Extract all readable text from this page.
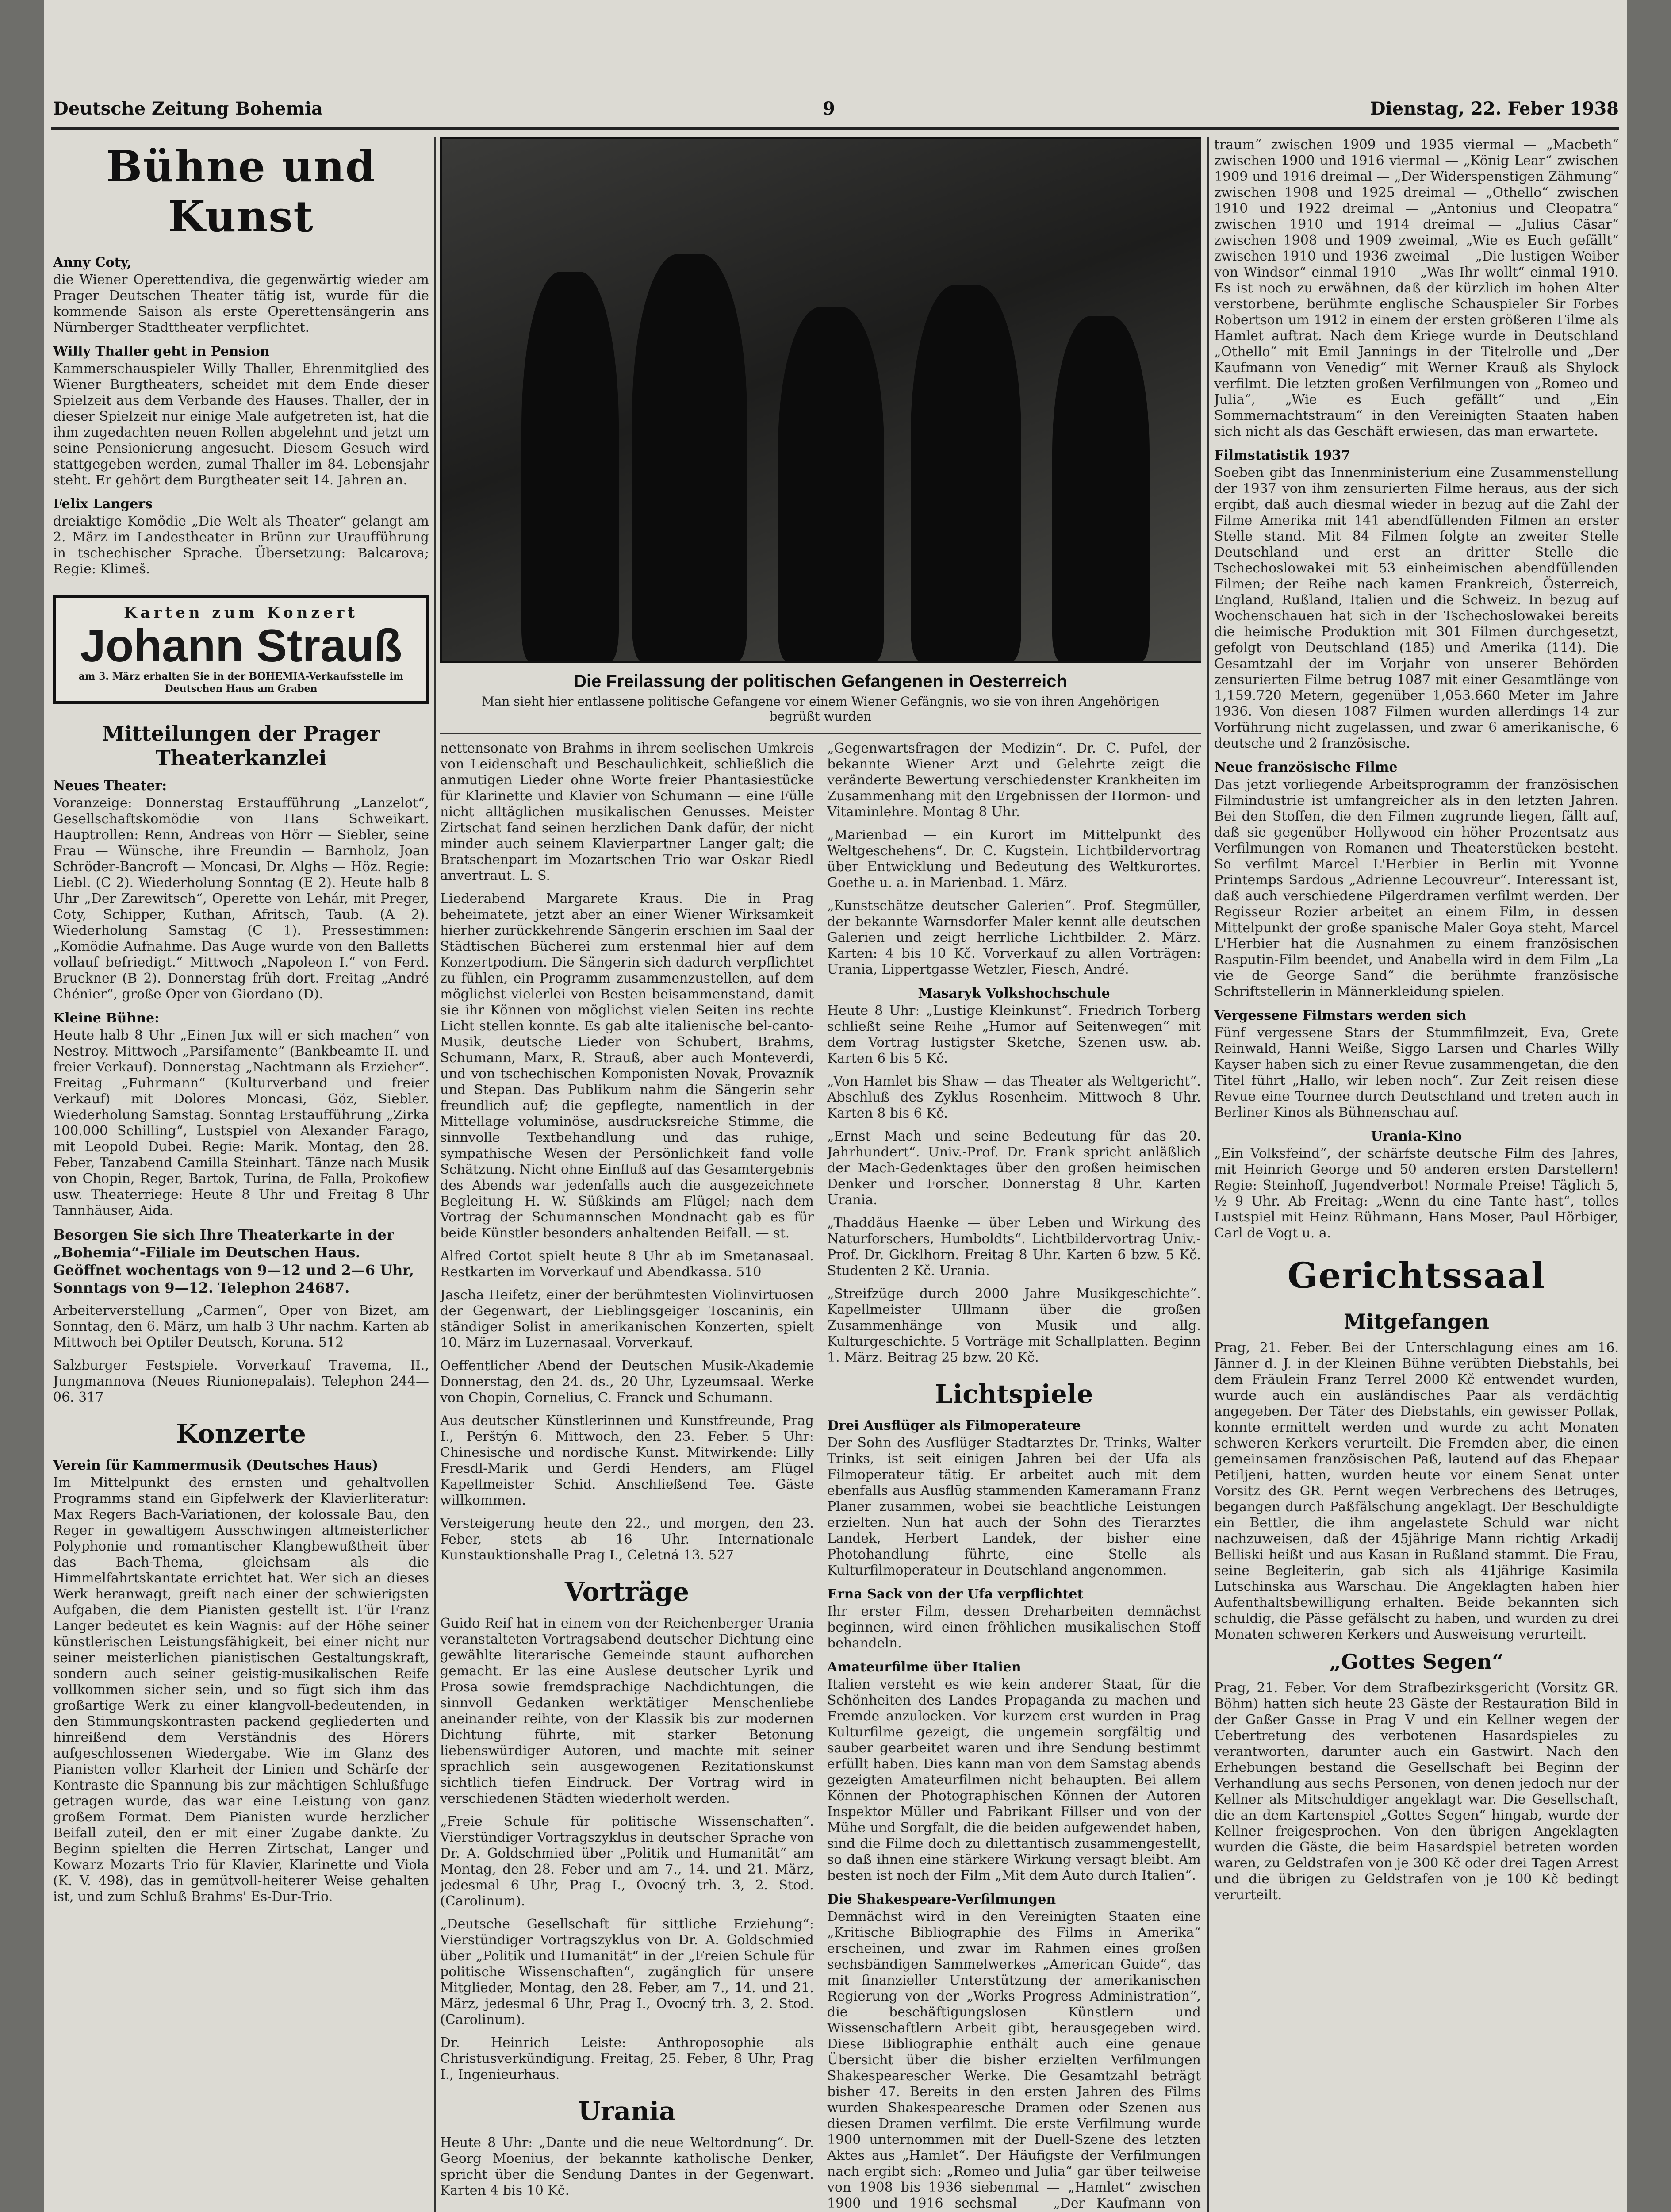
Deutsche Zeitung Bohemia	9	Dienstag, 22. Feber 1938
Bühne und Kunst
Anny Coty,

die Wiener Operettendiva, die gegenwärtig wieder am Prager Deutschen Theater tätig ist, wurde für die kommende Saison als erste Operettensängerin ans Nürnberger Stadttheater verpflichtet.

Willy Thaller geht in Pension

Kammerschauspieler Willy Thaller, Ehrenmitglied des Wiener Burgtheaters, scheidet mit dem Ende dieser Spielzeit aus dem Verbande des Hauses. Thaller, der in dieser Spielzeit nur einige Male aufgetreten ist, hat die ihm zugedachten neuen Rollen abgelehnt und jetzt um seine Pensionierung angesucht. Diesem Gesuch wird stattgegeben werden, zumal Thaller im 84. Lebensjahr steht. Er gehört dem Burgtheater seit 14. Jahren an.

Felix Langers

dreiaktige Komödie „Die Welt als Theater“ gelangt am 2. März im Landestheater in Brünn zur Uraufführung in tschechischer Sprache. Übersetzung: Balcarova; Regie: Klimeš.

Karten zum Konzert
Johann Strauß
am 3. März erhalten Sie in der BOHEMIA-Verkaufsstelle im Deutschen Haus am Graben
Mitteilungen der Prager Theaterkanzlei
Neues Theater:

Voranzeige: Donnerstag Erstaufführung „Lanzelot“, Gesellschaftskomödie von Hans Schweikart. Hauptrollen: Renn, Andreas von Hörr — Siebler, seine Frau — Wünsche, ihre Freundin — Barnholz, Joan Schröder-Bancroft — Moncasi, Dr. Alghs — Höz. Regie: Liebl. (C 2). Wiederholung Sonntag (E 2). Heute halb 8 Uhr „Der Zarewitsch“, Operette von Lehár, mit Preger, Coty, Schipper, Kuthan, Afritsch, Taub. (A 2). Wiederholung Samstag (C 1). Pressestimmen: „Komödie Aufnahme. Das Auge wurde von den Balletts vollauf befriedigt.“ Mittwoch „Napoleon I.“ von Ferd. Bruckner (B 2). Donnerstag früh dort. Freitag „André Chénier“, große Oper von Giordano (D).

Kleine Bühne:

Heute halb 8 Uhr „Einen Jux will er sich machen“ von Nestroy. Mittwoch „Parsifamente“ (Bankbeamte II. und freier Verkauf). Donnerstag „Nachtmann als Erzieher“. Freitag „Fuhrmann“ (Kulturverband und freier Verkauf) mit Dolores Moncasi, Göz, Siebler. Wiederholung Samstag. Sonntag Erstaufführung „Zirka 100.000 Schilling“, Lustspiel von Alexander Farago, mit Leopold Dubei. Regie: Marik. Montag, den 28. Feber, Tanzabend Camilla Steinhart. Tänze nach Musik von Chopin, Reger, Bartok, Turina, de Falla, Prokofiew usw. Theaterriege: Heute 8 Uhr und Freitag 8 Uhr Tannhäuser, Aida.

Besorgen Sie sich Ihre Theaterkarte in der „Bohemia“-Filiale im Deutschen Haus. Geöffnet wochentags von 9—12 und 2—6 Uhr, Sonntags von 9—12. Telephon 24687.

Arbeiterverstellung „Carmen“, Oper von Bizet, am Sonntag, den 6. März, um halb 3 Uhr nachm. Karten ab Mittwoch bei Optiler Deutsch, Koruna. 512

Salzburger Festspiele. Vorverkauf Travema, II., Jungmannova (Neues Riunionepalais). Telephon 244—06. 317

Konzerte
Verein für Kammermusik (Deutsches Haus)

Im Mittelpunkt des ernsten und gehaltvollen Programms stand ein Gipfelwerk der Klavierliteratur: Max Regers Bach-Variationen, der kolossale Bau, den Reger in gewaltigem Ausschwingen altmeisterlicher Polyphonie und romantischer Klangbewußtheit über das Bach-Thema, gleichsam als die Himmelfahrtskantate errichtet hat. Wer sich an dieses Werk heranwagt, greift nach einer der schwierigsten Aufgaben, die dem Pianisten gestellt ist. Für Franz Langer bedeutet es kein Wagnis: auf der Höhe seiner künstlerischen Leistungsfähigkeit, bei einer nicht nur seiner meisterlichen pianistischen Gestaltungskraft, sondern auch seiner geistig-musikalischen Reife vollkommen sicher sein, und so fügt sich ihm das großartige Werk zu einer klangvoll-bedeutenden, in den Stimmungskontrasten packend gegliederten und hinreißend dem Verständnis des Hörers aufgeschlossenen Wiedergabe. Wie im Glanz des Pianisten voller Klarheit der Linien und Schärfe der Kontraste die Spannung bis zur mächtigen Schlußfuge getragen wurde, das war eine Leistung von ganz großem Format. Dem Pianisten wurde herzlicher Beifall zuteil, den er mit einer Zugabe dankte. Zu Beginn spielten die Herren Zirtschat, Langer und Kowarz Mozarts Trio für Klavier, Klarinette und Viola (K. V. 498), das in gemütvoll-heiterer Weise gehalten ist, und zum Schluß Brahms' Es-Dur-Trio.

Die Freilassung der politischen Gefangenen in Oesterreich
Man sieht hier entlassene politische Gefangene vor einem Wiener Gefängnis, wo sie von ihren Angehörigen begrüßt wurden

nettensonate von Brahms in ihrem seelischen Umkreis von Leidenschaft und Beschaulichkeit, schließlich die anmutigen Lieder ohne Worte freier Phantasiestücke für Klarinette und Klavier von Schumann — eine Fülle nicht alltäglichen musikalischen Genusses. Meister Zirtschat fand seinen herzlichen Dank dafür, der nicht minder auch seinem Klavierpartner Langer galt; die Bratschenpart im Mozartschen Trio war Oskar Riedl anvertraut. L. S.

Liederabend Margarete Kraus. Die in Prag beheimatete, jetzt aber an einer Wiener Wirksamkeit hierher zurückkehrende Sängerin erschien im Saal der Städtischen Bücherei zum erstenmal hier auf dem Konzertpodium. Die Sängerin sich dadurch verpflichtet zu fühlen, ein Programm zusammenzustellen, auf dem möglichst vielerlei von Besten beisammenstand, damit sie ihr Können von möglichst vielen Seiten ins rechte Licht stellen konnte. Es gab alte italienische bel-canto-Musik, deutsche Lieder von Schubert, Brahms, Schumann, Marx, R. Strauß, aber auch Monteverdi, und von tschechischen Komponisten Novak, Provazník und Stepan. Das Publikum nahm die Sängerin sehr freundlich auf; die gepflegte, namentlich in der Mittellage voluminöse, ausdrucksreiche Stimme, die sinnvolle Textbehandlung und das ruhige, sympathische Wesen der Persönlichkeit fand volle Schätzung. Nicht ohne Einfluß auf das Gesamtergebnis des Abends war jedenfalls auch die ausgezeichnete Begleitung H. W. Süßkinds am Flügel; nach dem Vortrag der Schumannschen Mondnacht gab es für beide Künstler besonders anhaltenden Beifall. — st.

Alfred Cortot spielt heute 8 Uhr ab im Smetanasaal. Restkarten im Vorverkauf und Abendkassa. 510

Jascha Heifetz, einer der berühmtesten Violinvirtuosen der Gegenwart, der Lieblingsgeiger Toscaninis, ein ständiger Solist in amerikanischen Konzerten, spielt 10. März im Luzernasaal. Vorverkauf.

Oeffentlicher Abend der Deutschen Musik-Akademie Donnerstag, den 24. ds., 20 Uhr, Lyzeumsaal. Werke von Chopin, Cornelius, C. Franck und Schumann.

Aus deutscher Künstlerinnen und Kunstfreunde, Prag I., Perštýn 6. Mittwoch, den 23. Feber. 5 Uhr: Chinesische und nordische Kunst. Mitwirkende: Lilly Fresdl-Marik und Gerdi Henders, am Flügel Kapellmeister Schid. Anschließend Tee. Gäste willkommen.

Versteigerung heute den 22., und morgen, den 23. Feber, stets ab 16 Uhr. Internationale Kunstauktionshalle Prag I., Celetná 13. 527

Vorträge

Guido Reif hat in einem von der Reichenberger Urania veranstalteten Vortragsabend deutscher Dichtung eine gewählte literarische Gemeinde staunt aufhorchen gemacht. Er las eine Auslese deutscher Lyrik und Prosa sowie fremdsprachige Nachdichtungen, die sinnvoll Gedanken werktätiger Menschenliebe aneinander reihte, von der Klassik bis zur modernen Dichtung führte, mit starker Betonung liebenswürdiger Autoren, und machte mit seiner sprachlich sein ausgewogenen Rezitationskunst sichtlich tiefen Eindruck. Der Vortrag wird in verschiedenen Städten wiederholt werden.

„Freie Schule für politische Wissenschaften“. Vierstündiger Vortragszyklus in deutscher Sprache von Dr. A. Goldschmied über „Politik und Humanität“ am Montag, den 28. Feber und am 7., 14. und 21. März, jedesmal 6 Uhr, Prag I., Ovocný trh. 3, 2. Stod. (Carolinum).

„Deutsche Gesellschaft für sittliche Erziehung“: Vierstündiger Vortragszyklus von Dr. A. Goldschmied über „Politik und Humanität“ in der „Freien Schule für politische Wissenschaften“, zugänglich für unsere Mitglieder, Montag, den 28. Feber, am 7., 14. und 21. März, jedesmal 6 Uhr, Prag I., Ovocný trh. 3, 2. Stod. (Carolinum).

Dr. Heinrich Leiste: Anthroposophie als Christusverkündigung. Freitag, 25. Feber, 8 Uhr, Prag I., Ingenieurhaus.

Urania

Heute 8 Uhr: „Dante und die neue Weltordnung“. Dr. Georg Moenius, der bekannte katholische Denker, spricht über die Sendung Dantes in der Gegenwart. Karten 4 bis 10 Kč.

„Gegenwartsfragen der Medizin“. Dr. C. Pufel, der bekannte Wiener Arzt und Gelehrte zeigt die veränderte Bewertung verschiedenster Krankheiten im Zusammenhang mit den Ergebnissen der Hormon- und Vitaminlehre. Montag 8 Uhr.

„Marienbad — ein Kurort im Mittelpunkt des Weltgeschehens“. Dr. C. Kugstein. Lichtbildervortrag über Entwicklung und Bedeutung des Weltkurortes. Goethe u. a. in Marienbad. 1. März.

„Kunstschätze deutscher Galerien“. Prof. Stegmüller, der bekannte Warnsdorfer Maler kennt alle deutschen Galerien und zeigt herrliche Lichtbilder. 2. März. Karten: 4 bis 10 Kč. Vorverkauf zu allen Vorträgen: Urania, Lippertgasse Wetzler, Fiesch, André.

Masaryk Volkshochschule

Heute 8 Uhr: „Lustige Kleinkunst“. Friedrich Torberg schließt seine Reihe „Humor auf Seitenwegen“ mit dem Vortrag lustigster Sketche, Szenen usw. ab. Karten 6 bis 5 Kč.

„Von Hamlet bis Shaw — das Theater als Weltgericht“. Abschluß des Zyklus Rosenheim. Mittwoch 8 Uhr. Karten 8 bis 6 Kč.

„Ernst Mach und seine Bedeutung für das 20. Jahrhundert“. Univ.-Prof. Dr. Frank spricht anläßlich der Mach-Gedenktages über den großen heimischen Denker und Forscher. Donnerstag 8 Uhr. Karten Urania.

„Thaddäus Haenke — über Leben und Wirkung des Naturforschers, Humboldts“. Lichtbildervortrag Univ.-Prof. Dr. Gicklhorn. Freitag 8 Uhr. Karten 6 bzw. 5 Kč. Studenten 2 Kč. Urania.

„Streifzüge durch 2000 Jahre Musikgeschichte“. Kapellmeister Ullmann über die großen Zusammenhänge von Musik und allg. Kulturgeschichte. 5 Vorträge mit Schallplatten. Beginn 1. März. Beitrag 25 bzw. 20 Kč.

Lichtspiele
Drei Ausflüger als Filmoperateure

Der Sohn des Ausflüger Stadtarztes Dr. Trinks, Walter Trinks, ist seit einigen Jahren bei der Ufa als Filmoperateur tätig. Er arbeitet auch mit dem ebenfalls aus Ausflüg stammenden Kameramann Franz Planer zusammen, wobei sie beachtliche Leistungen erzielten. Nun hat auch der Sohn des Tierarztes Landek, Herbert Landek, der bisher eine Photohandlung führte, eine Stelle als Kulturfilmoperateur in Deutschland angenommen.

Erna Sack von der Ufa verpflichtet

Ihr erster Film, dessen Dreharbeiten demnächst beginnen, wird einen fröhlichen musikalischen Stoff behandeln.

Amateurfilme über Italien

Italien versteht es wie kein anderer Staat, für die Schönheiten des Landes Propaganda zu machen und Fremde anzulocken. Vor kurzem erst wurden in Prag Kulturfilme gezeigt, die ungemein sorgfältig und sauber gearbeitet waren und ihre Sendung bestimmt erfüllt haben. Dies kann man von dem Samstag abends gezeigten Amateurfilmen nicht behaupten. Bei allem Können der Photographischen Können der Autoren Inspektor Müller und Fabrikant Fillser und von der Mühe und Sorgfalt, die die beiden aufgewendet haben, sind die Filme doch zu dilettantisch zusammengestellt, so daß ihnen eine stärkere Wirkung versagt bleibt. Am besten ist noch der Film „Mit dem Auto durch Italien“.

Die Shakespeare-Verfilmungen

Demnächst wird in den Vereinigten Staaten eine „Kritische Bibliographie des Films in Amerika“ erscheinen, und zwar im Rahmen eines großen sechsbändigen Sammelwerkes „American Guide“, das mit finanzieller Unterstützung der amerikanischen Regierung von der „Works Progress Administration“, die beschäftigungslosen Künstlern und Wissenschaftlern Arbeit gibt, herausgegeben wird. Diese Bibliographie enthält auch eine genaue Übersicht über die bisher erzielten Verfilmungen Shakespearescher Werke. Die Gesamtzahl beträgt bisher 47. Bereits in den ersten Jahren des Films wurden Shakespearesche Dramen oder Szenen aus diesen Dramen verfilmt. Die erste Verfilmung wurde 1900 unternommen mit der Duell-Szene des letzten Aktes aus „Hamlet“. Der Häufigste der Verfilmungen nach ergibt sich: „Romeo und Julia“ gar über teilweise von 1908 bis 1936 siebenmal — „Hamlet“ zwischen 1900 und 1916 sechsmal — „Der Kaufmann von

traum“ zwischen 1909 und 1935 viermal — „Macbeth“ zwischen 1900 und 1916 viermal — „König Lear“ zwischen 1909 und 1916 dreimal — „Der Widerspenstigen Zähmung“ zwischen 1908 und 1925 dreimal — „Othello“ zwischen 1910 und 1922 dreimal — „Antonius und Cleopatra“ zwischen 1910 und 1914 dreimal — „Julius Cäsar“ zwischen 1908 und 1909 zweimal, „Wie es Euch gefällt“ zwischen 1910 und 1936 zweimal — „Die lustigen Weiber von Windsor“ einmal 1910 — „Was Ihr wollt“ einmal 1910. Es ist noch zu erwähnen, daß der kürzlich im hohen Alter verstorbene, berühmte englische Schauspieler Sir Forbes Robertson um 1912 in einem der ersten größeren Filme als Hamlet auftrat. Nach dem Kriege wurde in Deutschland „Othello“ mit Emil Jannings in der Titelrolle und „Der Kaufmann von Venedig“ mit Werner Krauß als Shylock verfilmt. Die letzten großen Verfilmungen von „Romeo und Julia“, „Wie es Euch gefällt“ und „Ein Sommernachtstraum“ in den Vereinigten Staaten haben sich nicht als das Geschäft erwiesen, das man erwartete.

Filmstatistik 1937

Soeben gibt das Innenministerium eine Zusammenstellung der 1937 von ihm zensurierten Filme heraus, aus der sich ergibt, daß auch diesmal wieder in bezug auf die Zahl der Filme Amerika mit 141 abendfüllenden Filmen an erster Stelle stand. Mit 84 Filmen folgte an zweiter Stelle Deutschland und erst an dritter Stelle die Tschechoslowakei mit 53 einheimischen abendfüllenden Filmen; der Reihe nach kamen Frankreich, Österreich, England, Rußland, Italien und die Schweiz. In bezug auf Wochenschauen hat sich in der Tschechoslowakei bereits die heimische Produktion mit 301 Filmen durchgesetzt, gefolgt von Deutschland (185) und Amerika (114). Die Gesamtzahl der im Vorjahr von unserer Behörden zensurierten Filme betrug 1087 mit einer Gesamtlänge von 1,159.720 Metern, gegenüber 1,053.660 Meter im Jahre 1936. Von diesen 1087 Filmen wurden allerdings 14 zur Vorführung nicht zugelassen, und zwar 6 amerikanische, 6 deutsche und 2 französische.

Neue französische Filme

Das jetzt vorliegende Arbeitsprogramm der französischen Filmindustrie ist umfangreicher als in den letzten Jahren. Bei den Stoffen, die den Filmen zugrunde liegen, fällt auf, daß sie gegenüber Hollywood ein höher Prozentsatz aus Verfilmungen von Romanen und Theaterstücken besteht. So verfilmt Marcel L'Herbier in Berlin mit Yvonne Printemps Sardous „Adrienne Lecouvreur“. Interessant ist, daß auch verschiedene Pilgerdramen verfilmt werden. Der Regisseur Rozier arbeitet an einem Film, in dessen Mittelpunkt der große spanische Maler Goya steht, Marcel L'Herbier hat die Ausnahmen zu einem französischen Rasputin-Film beendet, und Anabella wird in dem Film „La vie de George Sand“ die berühmte französische Schriftstellerin in Männerkleidung spielen.

Vergessene Filmstars werden sich

Fünf vergessene Stars der Stummfilmzeit, Eva, Grete Reinwald, Hanni Weiße, Siggo Larsen und Charles Willy Kayser haben sich zu einer Revue zusammengetan, die den Titel führt „Hallo, wir leben noch“. Zur Zeit reisen diese Revue eine Tournee durch Deutschland und treten auch in Berliner Kinos als Bühnenschau auf.

Urania-Kino

„Ein Volksfeind“, der schärfste deutsche Film des Jahres, mit Heinrich George und 50 anderen ersten Darstellern! Regie: Steinhoff, Jugendverbot! Normale Preise! Täglich 5, ½ 9 Uhr. Ab Freitag: „Wenn du eine Tante hast“, tolles Lustspiel mit Heinz Rühmann, Hans Moser, Paul Hörbiger, Carl de Vogt u. a.

Gerichtssaal
Mitgefangen

Prag, 21. Feber. Bei der Unterschlagung eines am 16. Jänner d. J. in der Kleinen Bühne verübten Diebstahls, bei dem Fräulein Franz Terrel 2000 Kč entwendet wurden, wurde auch ein ausländisches Paar als verdächtig angegeben. Der Täter des Diebstahls, ein gewisser Pollak, konnte ermittelt werden und wurde zu acht Monaten schweren Kerkers verurteilt. Die Fremden aber, die einen gemeinsamen französischen Paß, lautend auf das Ehepaar Petiljeni, hatten, wurden heute vor einem Senat unter Vorsitz des GR. Pernt wegen Verbrechens des Betruges, begangen durch Paßfälschung angeklagt. Der Beschuldigte ein Bettler, die ihm angelastete Schuld war nicht nachzuweisen, daß der 45jährige Mann richtig Arkadij Belliski heißt und aus Kasan in Rußland stammt. Die Frau, seine Begleiterin, gab sich als 41jährige Kasimila Lutschinska aus Warschau. Die Angeklagten haben hier Aufenthaltsbewilligung erhalten. Beide bekannten sich schuldig, die Pässe gefälscht zu haben, und wurden zu drei Monaten schweren Kerkers und Ausweisung verurteilt.

„Gottes Segen“

Prag, 21. Feber. Vor dem Strafbezirksgericht (Vorsitz GR. Böhm) hatten sich heute 23 Gäste der Restauration Bild in der Gaßer Gasse in Prag V und ein Kellner wegen der Uebertretung des verbotenen Hasardspieles zu verantworten, darunter auch ein Gastwirt. Nach den Erhebungen bestand die Gesellschaft bei Beginn der Verhandlung aus sechs Personen, von denen jedoch nur der Kellner als Mitschuldiger angeklagt war. Die Gesellschaft, die an dem Kartenspiel „Gottes Segen“ hingab, wurde der Kellner freigesprochen. Von den übrigen Angeklagten wurden die Gäste, die beim Hasardspiel betreten worden waren, zu Geldstrafen von je 300 Kč oder drei Tagen Arrest und die übrigen zu Geldstrafen von je 100 Kč bedingt verurteilt.
